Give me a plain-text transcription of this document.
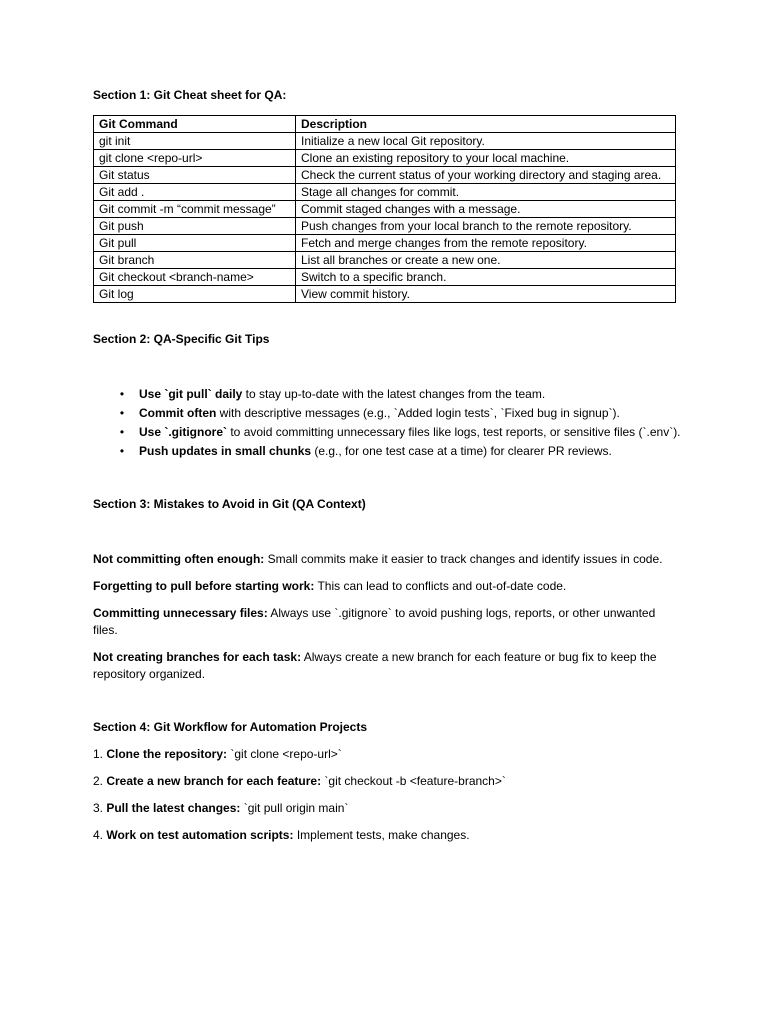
Section 1: Git Cheat sheet for QA:

Git Command	Description
git init	Initialize a new local Git repository.
git clone <repo-url>	Clone an existing repository to your local machine.
Git status	Check the current status of your working directory and staging area.
Git add .	Stage all changes for commit.
Git commit -m “commit message”	Commit staged changes with a message.
Git push	Push changes from your local branch to the remote repository.
Git pull	Fetch and merge changes from the remote repository.
Git branch	List all branches or create a new one.
Git checkout <branch-name>	Switch to a specific branch.
Git log	View commit history.

Section 2: QA-Specific Git Tips

•	Use `git pull` daily to stay up-to-date with the latest changes from the team.
•	Commit often with descriptive messages (e.g., `Added login tests`, `Fixed bug in signup`).
•	Use `.gitignore` to avoid committing unnecessary files like logs, test reports, or sensitive files (`.env`).
•	Push updates in small chunks (e.g., for one test case at a time) for clearer PR reviews.

Section 3: Mistakes to Avoid in Git (QA Context)

Not committing often enough: Small commits make it easier to track changes and identify issues in code.

Forgetting to pull before starting work: This can lead to conflicts and out-of-date code.

Committing unnecessary files: Always use `.gitignore` to avoid pushing logs, reports, or other unwanted files.

Not creating branches for each task: Always create a new branch for each feature or bug fix to keep the repository organized.

Section 4: Git Workflow for Automation Projects

1. Clone the repository: `git clone <repo-url>`

2. Create a new branch for each feature: `git checkout -b <feature-branch>`

3. Pull the latest changes: `git pull origin main`

4. Work on test automation scripts: Implement tests, make changes.
